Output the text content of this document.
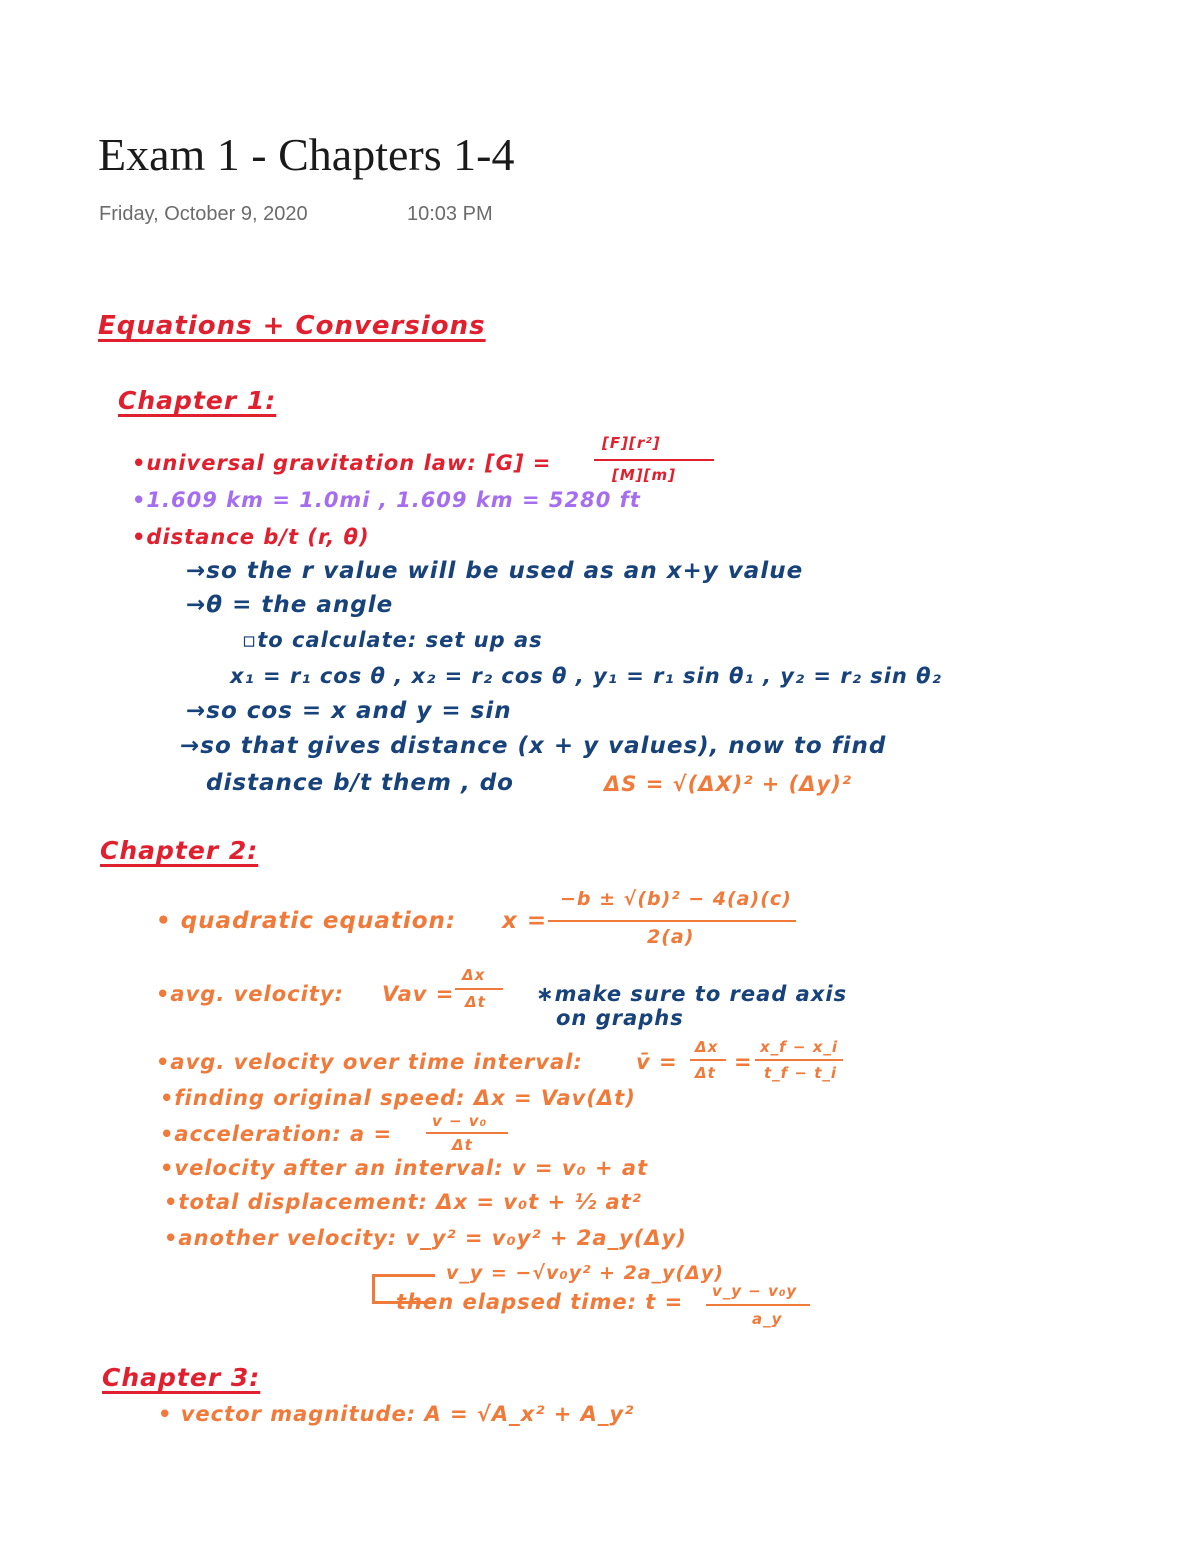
Exam 1 - Chapters 1-4
Friday, October 9, 2020	10:03 PM
Equations + Conversions
Chapter 1:
•universal gravitation law: [G] =
[F][r²]
[M][m]
•1.609 km = 1.0mi , 1.609 km = 5280 ft
•distance b/t (r, θ)
→so the r value will be used as an x+y value
→θ = the angle
▫to calculate: set up as
x₁ = r₁ cos θ , x₂ = r₂ cos θ , y₁ = r₁ sin θ₁ , y₂ = r₂ sin θ₂
→so cos = x and y = sin
→so that gives distance (x + y values), now to find
distance b/t them , do	ΔS = √(ΔX)² + (Δy)²
Chapter 2:
• quadratic equation: x =
−b ± √(b)² − 4(a)(c)
2(a)
•avg. velocity: Vav =
Δx
Δt ∗make sure to read axis
on graphs
•avg. velocity over time interval:	v̄ =
Δx
Δt =
x_f − x_i
t_f − t_i
•finding original speed: Δx = Vav(Δt)
•acceleration: a =
v − v₀
Δt
•velocity after an interval: v = v₀ + at
•total displacement: Δx = v₀t + ½ at²
•another velocity: v_y² = v₀y² + 2a_y(Δy)
v_y = −√v₀y² + 2a_y(Δy)
then elapsed time: t = v_y − v₀y
a_y
Chapter 3:
• vector magnitude: A = √A_x² + A_y²
